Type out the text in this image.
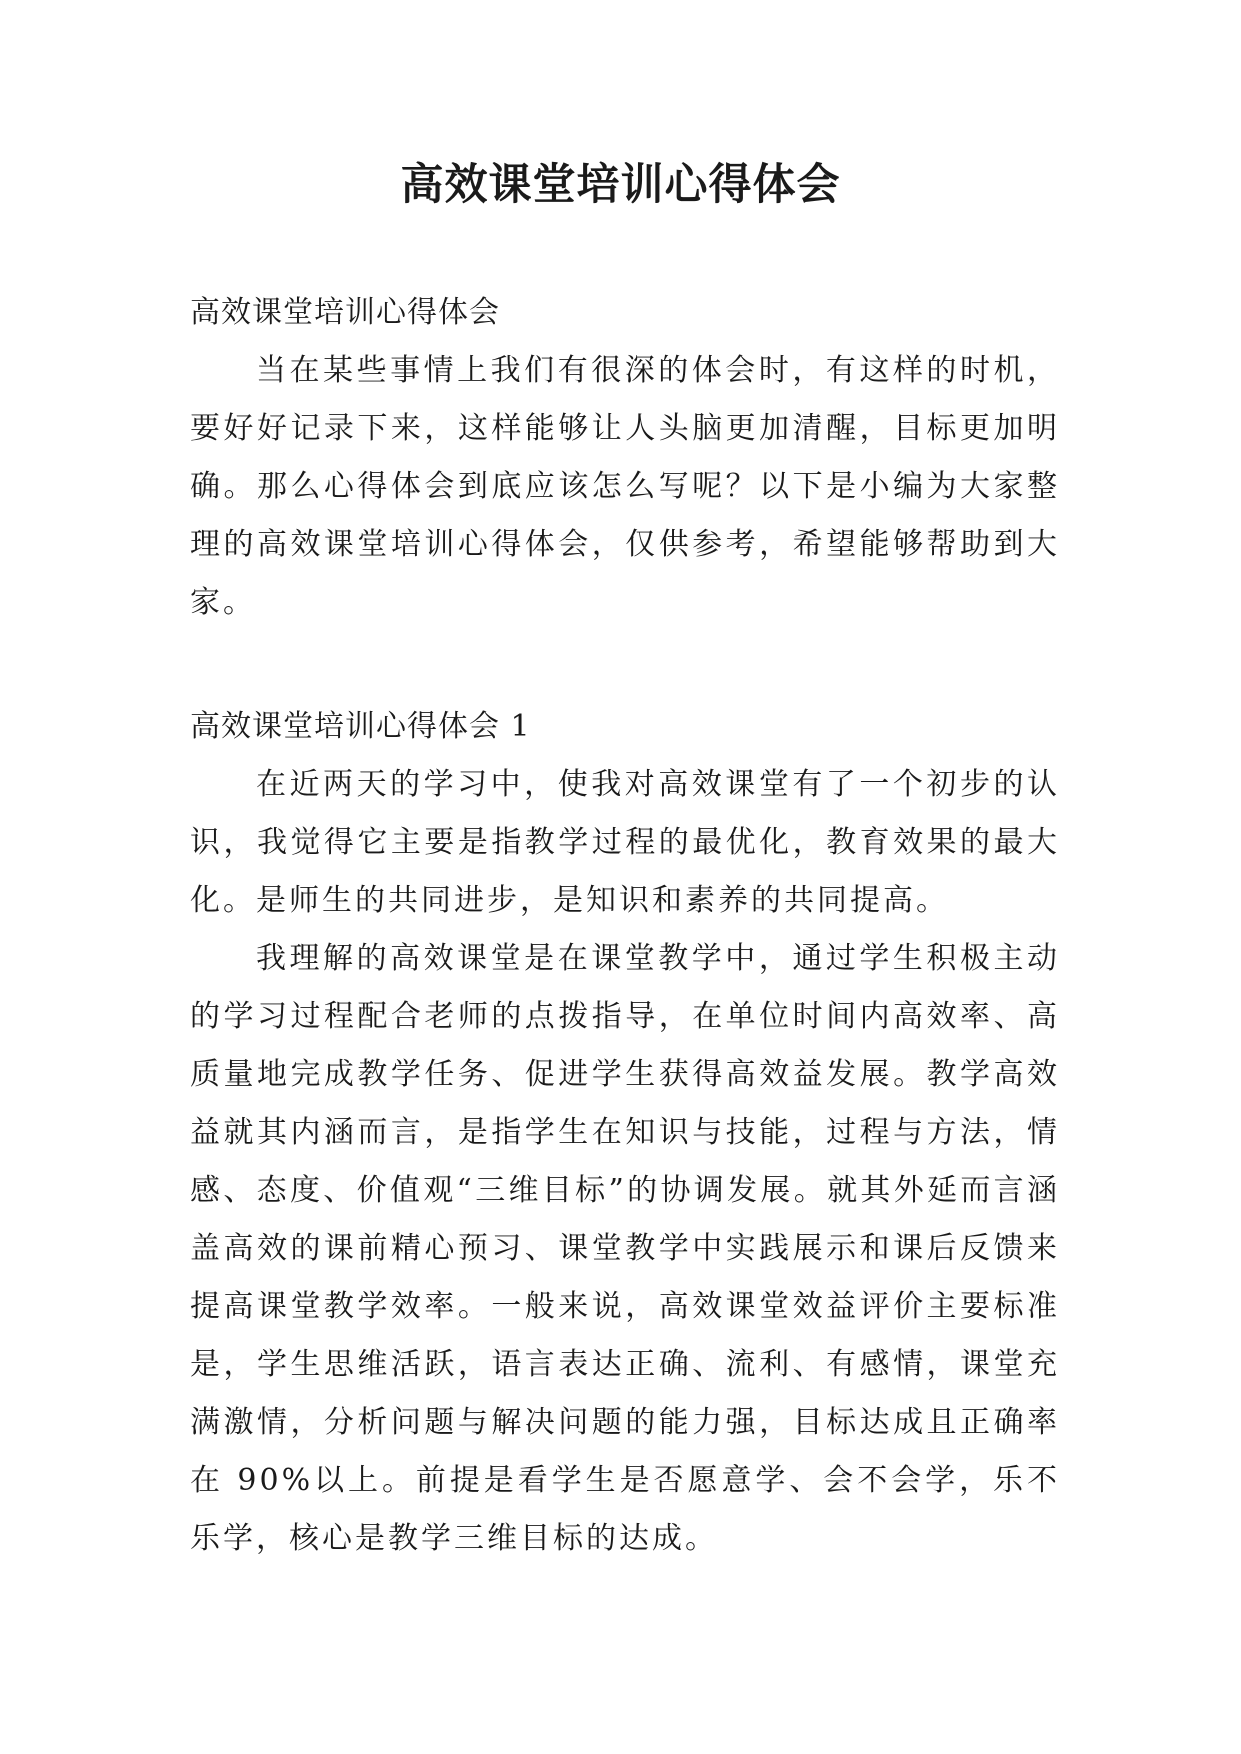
高效课堂培训心得体会

高效课堂培训心得体会

当在某些事情上我们有很深的体会时，有这样的时机，要好好记录下来，这样能够让人头脑更加清醒，目标更加明确。那么心得体会到底应该怎么写呢？以下是小编为大家整理的高效课堂培训心得体会，仅供参考，希望能够帮助到大家。

高效课堂培训心得体会 1

在近两天的学习中，使我对高效课堂有了一个初步的认识，我觉得它主要是指教学过程的最优化，教育效果的最大化。是师生的共同进步，是知识和素养的共同提高。

我理解的高效课堂是在课堂教学中，通过学生积极主动的学习过程配合老师的点拨指导，在单位时间内高效率、高质量地完成教学任务、促进学生获得高效益发展。教学高效益就其内涵而言，是指学生在知识与技能，过程与方法，情感、态度、价值观“三维目标”的协调发展。就其外延而言涵盖高效的课前精心预习、课堂教学中实践展示和课后反馈来提高课堂教学效率。一般来说，高效课堂效益评价主要标准是，学生思维活跃，语言表达正确、流利、有感情，课堂充满激情，分析问题与解决问题的能力强，目标达成且正确率在 90%以上。前提是看学生是否愿意学、会不会学，乐不乐学，核心是教学三维目标的达成。
